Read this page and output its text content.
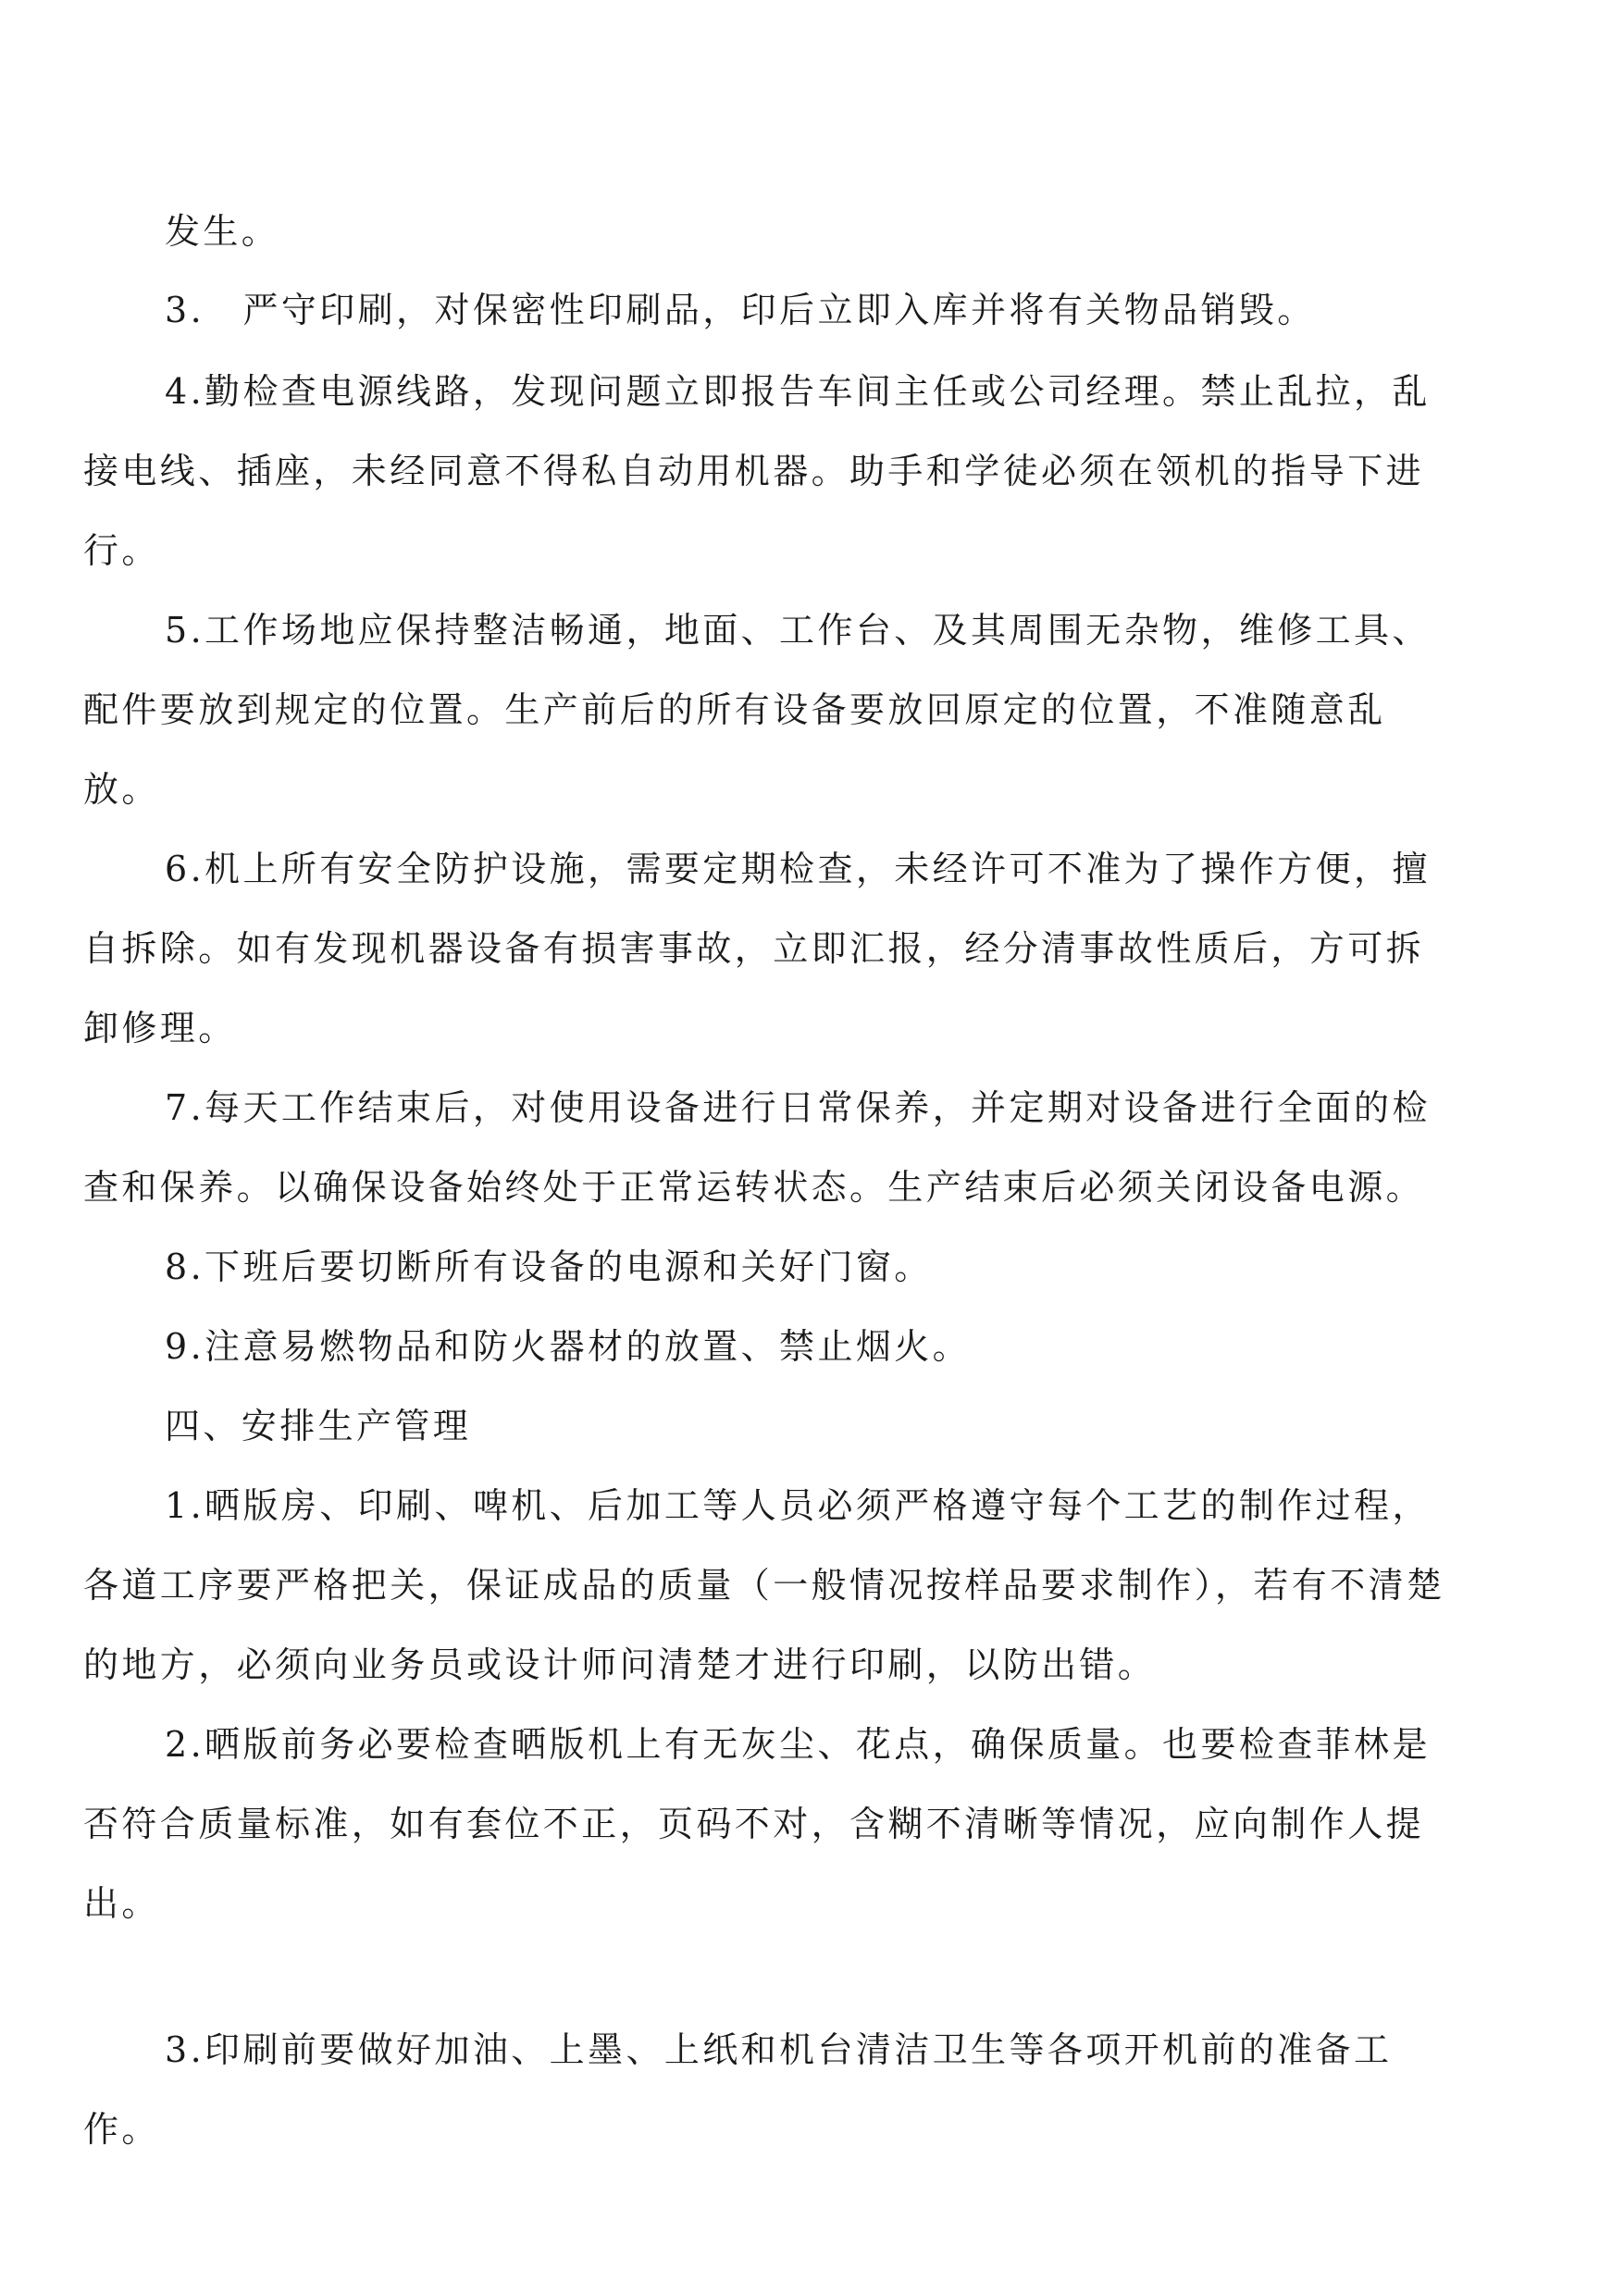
发生。
3.　严守印刷，对保密性印刷品，印后立即入库并将有关物品销毁。
4.勤检查电源线路，发现问题立即报告车间主任或公司经理。禁止乱拉，乱
接电线、插座，未经同意不得私自动用机器。助手和学徒必须在领机的指导下进
行。
5.工作场地应保持整洁畅通，地面、工作台、及其周围无杂物，维修工具、
配件要放到规定的位置。生产前后的所有设备要放回原定的位置，不准随意乱
放。
6.机上所有安全防护设施，需要定期检查，未经许可不准为了操作方便，擅
自拆除。如有发现机器设备有损害事故，立即汇报，经分清事故性质后，方可拆
卸修理。
7.每天工作结束后，对使用设备进行日常保养，并定期对设备进行全面的检
查和保养。以确保设备始终处于正常运转状态。生产结束后必须关闭设备电源。
8.下班后要切断所有设备的电源和关好门窗。
9.注意易燃物品和防火器材的放置、禁止烟火。
四、安排生产管理
1.晒版房、印刷、啤机、后加工等人员必须严格遵守每个工艺的制作过程，
各道工序要严格把关，保证成品的质量（一般情况按样品要求制作），若有不清楚
的地方，必须向业务员或设计师问清楚才进行印刷，以防出错。
2.晒版前务必要检查晒版机上有无灰尘、花点，确保质量。也要检查菲林是
否符合质量标准，如有套位不正，页码不对，含糊不清晰等情况，应向制作人提
出。
3.印刷前要做好加油、上墨、上纸和机台清洁卫生等各项开机前的准备工
作。
